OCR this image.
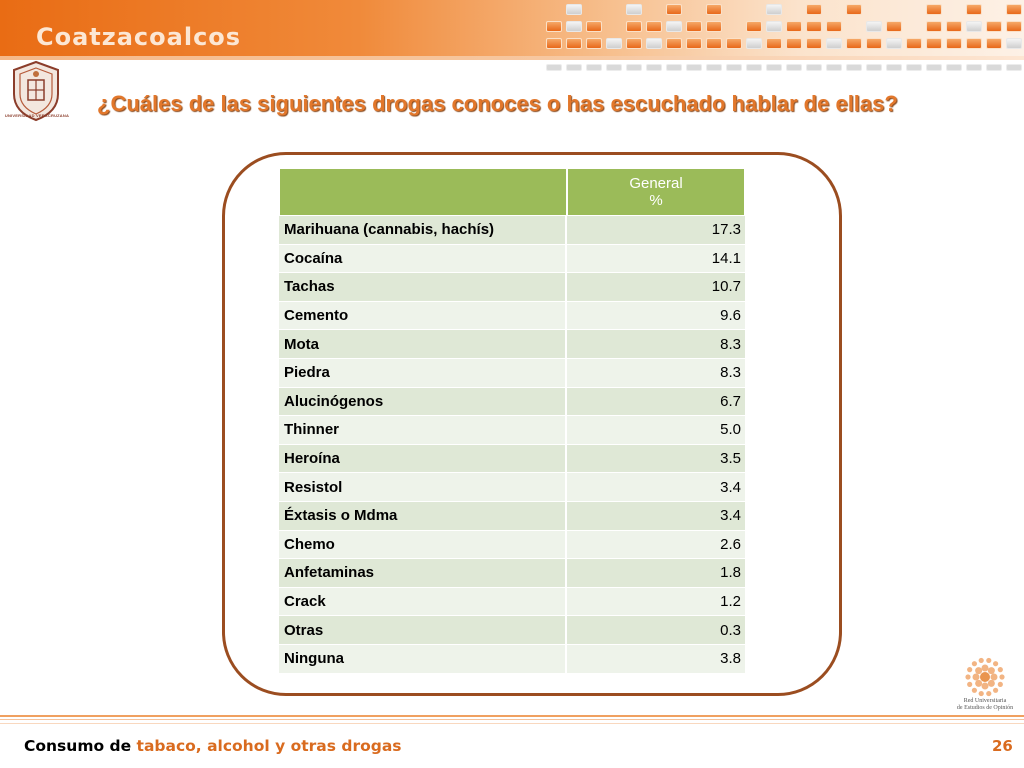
Coatzacoalcos
UNIVERSIDAD VERACRUZANA ¿Cuáles de las siguientes drogas conoces o has escuchado hablar de ellas?
	General
%
Marihuana (cannabis, hachís)	17.3
Cocaína	14.1
Tachas	10.7
Cemento	9.6
Mota	8.3
Piedra	8.3
Alucinógenos	6.7
Thinner	5.0
Heroína	3.5
Resistol	3.4
Éxtasis o Mdma	3.4
Chemo	2.6
Anfetaminas	1.8
Crack	1.2
Otras	0.3
Ninguna	3.8
Red Universitaria
de Estudios de Opinión
Consumo de tabaco, alcohol y otras drogas	26
